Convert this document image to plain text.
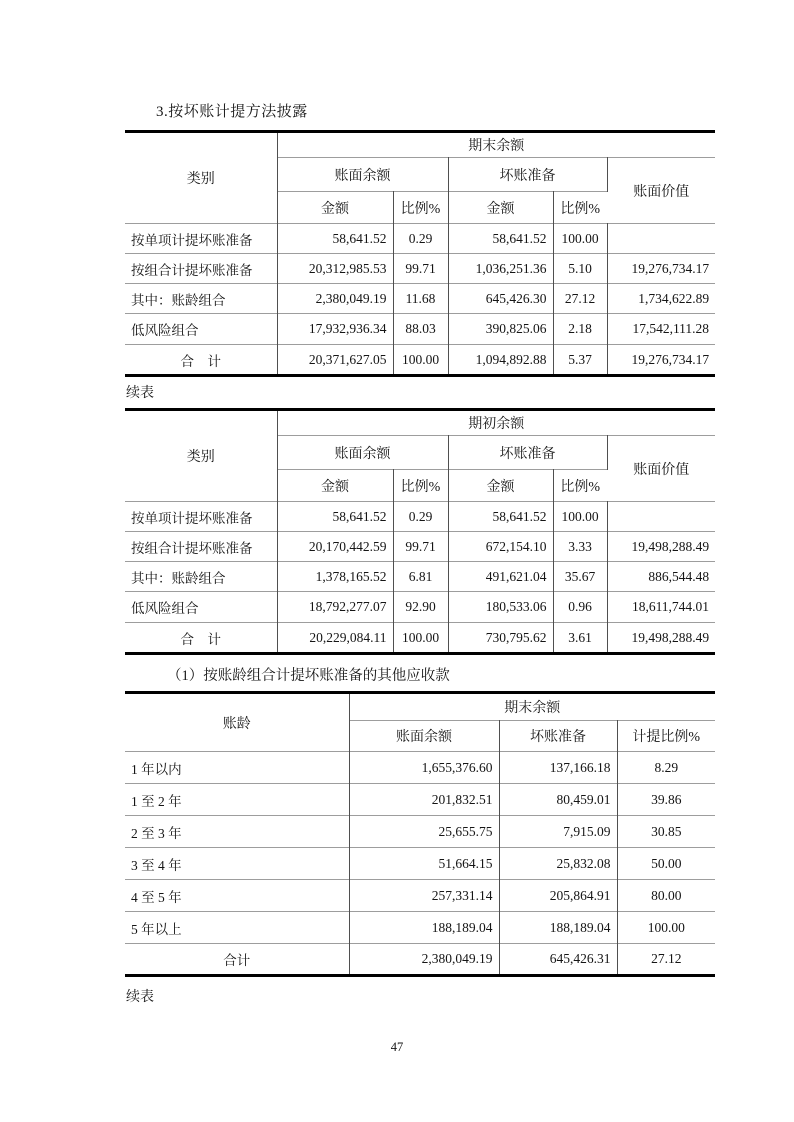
3.按坏账计提方法披露
类别	期末余额				
	账面余额		坏账准备		账面价值
	金额	比例%	金额	比例%	
按单项计提坏账准备	58,641.52	0.29	58,641.52	100.00	
按组合计提坏账准备	20,312,985.53	99.71	1,036,251.36	5.10	19,276,734.17
其中：账龄组合	2,380,049.19	11.68	645,426.30	27.12	1,734,622.89
低风险组合	17,932,936.34	88.03	390,825.06	2.18	17,542,111.28
合　计	20,371,627.05	100.00	1,094,892.88	5.37	19,276,734.17
续表
类别	期初余额				
	账面余额		坏账准备		账面价值
	金额	比例%	金额	比例%	
按单项计提坏账准备	58,641.52	0.29	58,641.52	100.00	
按组合计提坏账准备	20,170,442.59	99.71	672,154.10	3.33	19,498,288.49
其中：账龄组合	1,378,165.52	6.81	491,621.04	35.67	886,544.48
低风险组合	18,792,277.07	92.90	180,533.06	0.96	18,611,744.01
合　计	20,229,084.11	100.00	730,795.62	3.61	19,498,288.49
（1）按账龄组合计提坏账准备的其他应收款
账龄	期末余额		
	账面余额	坏账准备	计提比例%
1 年以内	1,655,376.60	137,166.18	8.29
1 至 2 年	201,832.51	80,459.01	39.86
2 至 3 年	25,655.75	7,915.09	30.85
3 至 4 年	51,664.15	25,832.08	50.00
4 至 5 年	257,331.14	205,864.91	80.00
5 年以上	188,189.04	188,189.04	100.00
合计	2,380,049.19	645,426.31	27.12
续表
47
